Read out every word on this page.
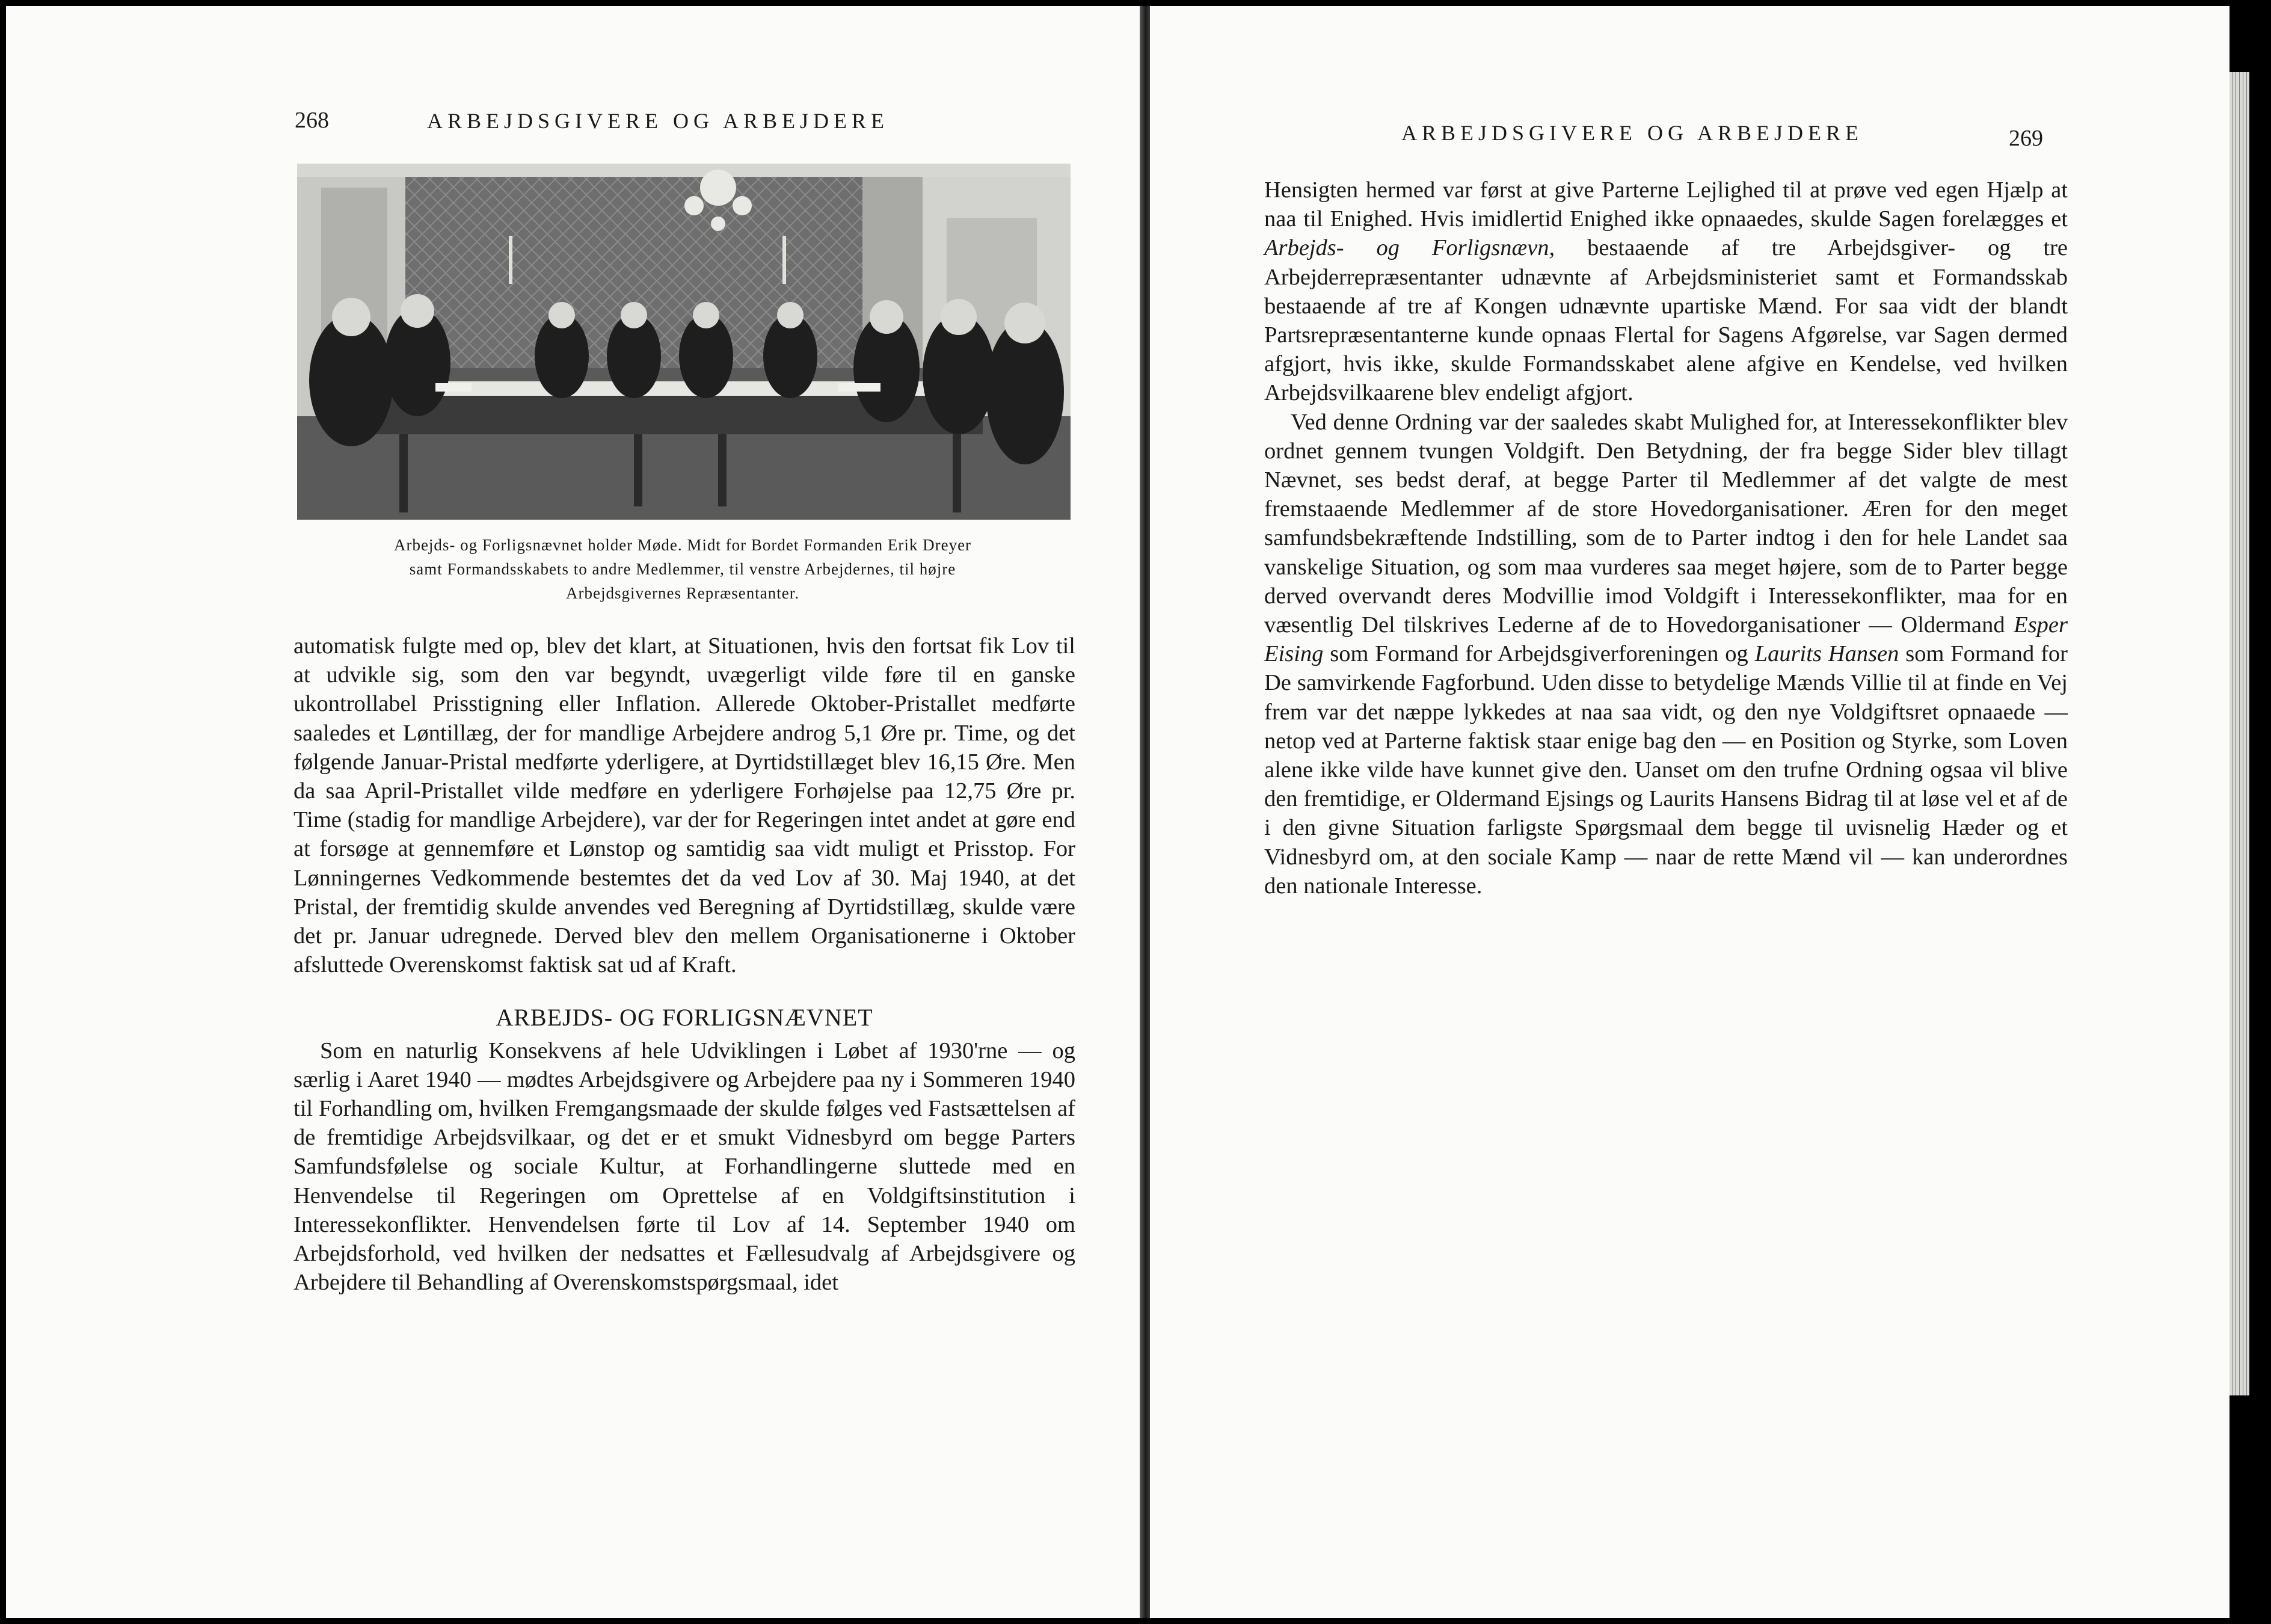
268	ARBEJDSGIVERE OG ARBEJDERE
Arbejds- og Forligsnævnet holder Møde. Midt for Bordet Formanden Erik Dreyer
samt Formandsskabets to andre Medlemmer, til venstre Arbejdernes, til højre
Arbejdsgivernes Repræsentanter.

automatisk fulgte med op, blev det klart, at Situationen, hvis den fortsat fik Lov til at udvikle sig, som den var begyndt, uvægerligt vilde føre til en ganske ukontrollabel Prisstigning eller Inflation. Allerede Oktober-Pristallet medførte saaledes et Løntillæg, der for mandlige Arbejdere androg 5,1 Øre pr. Time, og det følgende Januar-Pristal medførte yderligere, at Dyrtidstillæget blev 16,15 Øre. Men da saa April-Pristallet vilde medføre en yderligere Forhøjelse paa 12,75 Øre pr. Time (stadig for mandlige Arbejdere), var der for Regeringen intet andet at gøre end at forsøge at gennemføre et Lønstop og samtidig saa vidt muligt et Prisstop. For Lønningernes Vedkommende bestemtes det da ved Lov af 30. Maj 1940, at det Pristal, der fremtidig skulde anvendes ved Beregning af Dyrtidstillæg, skulde være det pr. Januar udregnede. Derved blev den mellem Organisationerne i Oktober afsluttede Overenskomst faktisk sat ud af Kraft.

ARBEJDS- OG FORLIGSNÆVNET

Som en naturlig Konsekvens af hele Udviklingen i Løbet af 1930'rne — og særlig i Aaret 1940 — mødtes Arbejdsgivere og Arbejdere paa ny i Sommeren 1940 til Forhandling om, hvilken Fremgangsmaade der skulde følges ved Fastsættelsen af de fremtidige Arbejdsvilkaar, og det er et smukt Vidnesbyrd om begge Parters Samfundsfølelse og sociale Kultur, at Forhandlingerne sluttede med en Henvendelse til Regeringen om Oprettelse af en Voldgiftsinstitution i Interessekonflikter. Henvendelsen førte til Lov af 14. September 1940 om Arbejdsforhold, ved hvilken der nedsattes et Fællesudvalg af Arbejdsgivere og Arbejdere til Behandling af Overenskomstspørgsmaal, idet

ARBEJDSGIVERE OG ARBEJDERE	269

Hensigten hermed var først at give Parterne Lejlighed til at prøve ved egen Hjælp at naa til Enighed. Hvis imidlertid Enighed ikke opnaaedes, skulde Sagen forelægges et Arbejds- og Forligsnævn, bestaaende af tre Arbejdsgiver- og tre Arbejderrepræsentanter udnævnte af Arbejdsministeriet samt et Formandsskab bestaaende af tre af Kongen udnævnte upartiske Mænd. For saa vidt der blandt Partsrepræsentanterne kunde opnaas Flertal for Sagens Afgørelse, var Sagen dermed afgjort, hvis ikke, skulde Formandsskabet alene afgive en Kendelse, ved hvilken Arbejdsvilkaarene blev endeligt afgjort.

Ved denne Ordning var der saaledes skabt Mulighed for, at Interessekonflikter blev ordnet gennem tvungen Voldgift. Den Betydning, der fra begge Sider blev tillagt Nævnet, ses bedst deraf, at begge Parter til Medlemmer af det valgte de mest fremstaaende Medlemmer af de store Hovedorganisationer. Æren for den meget samfundsbekræftende Indstilling, som de to Parter indtog i den for hele Landet saa vanskelige Situation, og som maa vurderes saa meget højere, som de to Parter begge derved overvandt deres Modvillie imod Voldgift i Interessekonflikter, maa for en væsentlig Del tilskrives Lederne af de to Hovedorganisationer — Oldermand Esper Eising som Formand for Arbejdsgiverforeningen og Laurits Hansen som Formand for De samvirkende Fagforbund. Uden disse to betydelige Mænds Villie til at finde en Vej frem var det næppe lykkedes at naa saa vidt, og den nye Voldgiftsret opnaaede — netop ved at Parterne faktisk staar enige bag den — en Position og Styrke, som Loven alene ikke vilde have kunnet give den. Uanset om den trufne Ordning ogsaa vil blive den fremtidige, er Oldermand Ejsings og Laurits Hansens Bidrag til at løse vel et af de i den givne Situation farligste Spørgsmaal dem begge til uvisnelig Hæder og et Vidnesbyrd om, at den sociale Kamp — naar de rette Mænd vil — kan underordnes den nationale Interesse.
